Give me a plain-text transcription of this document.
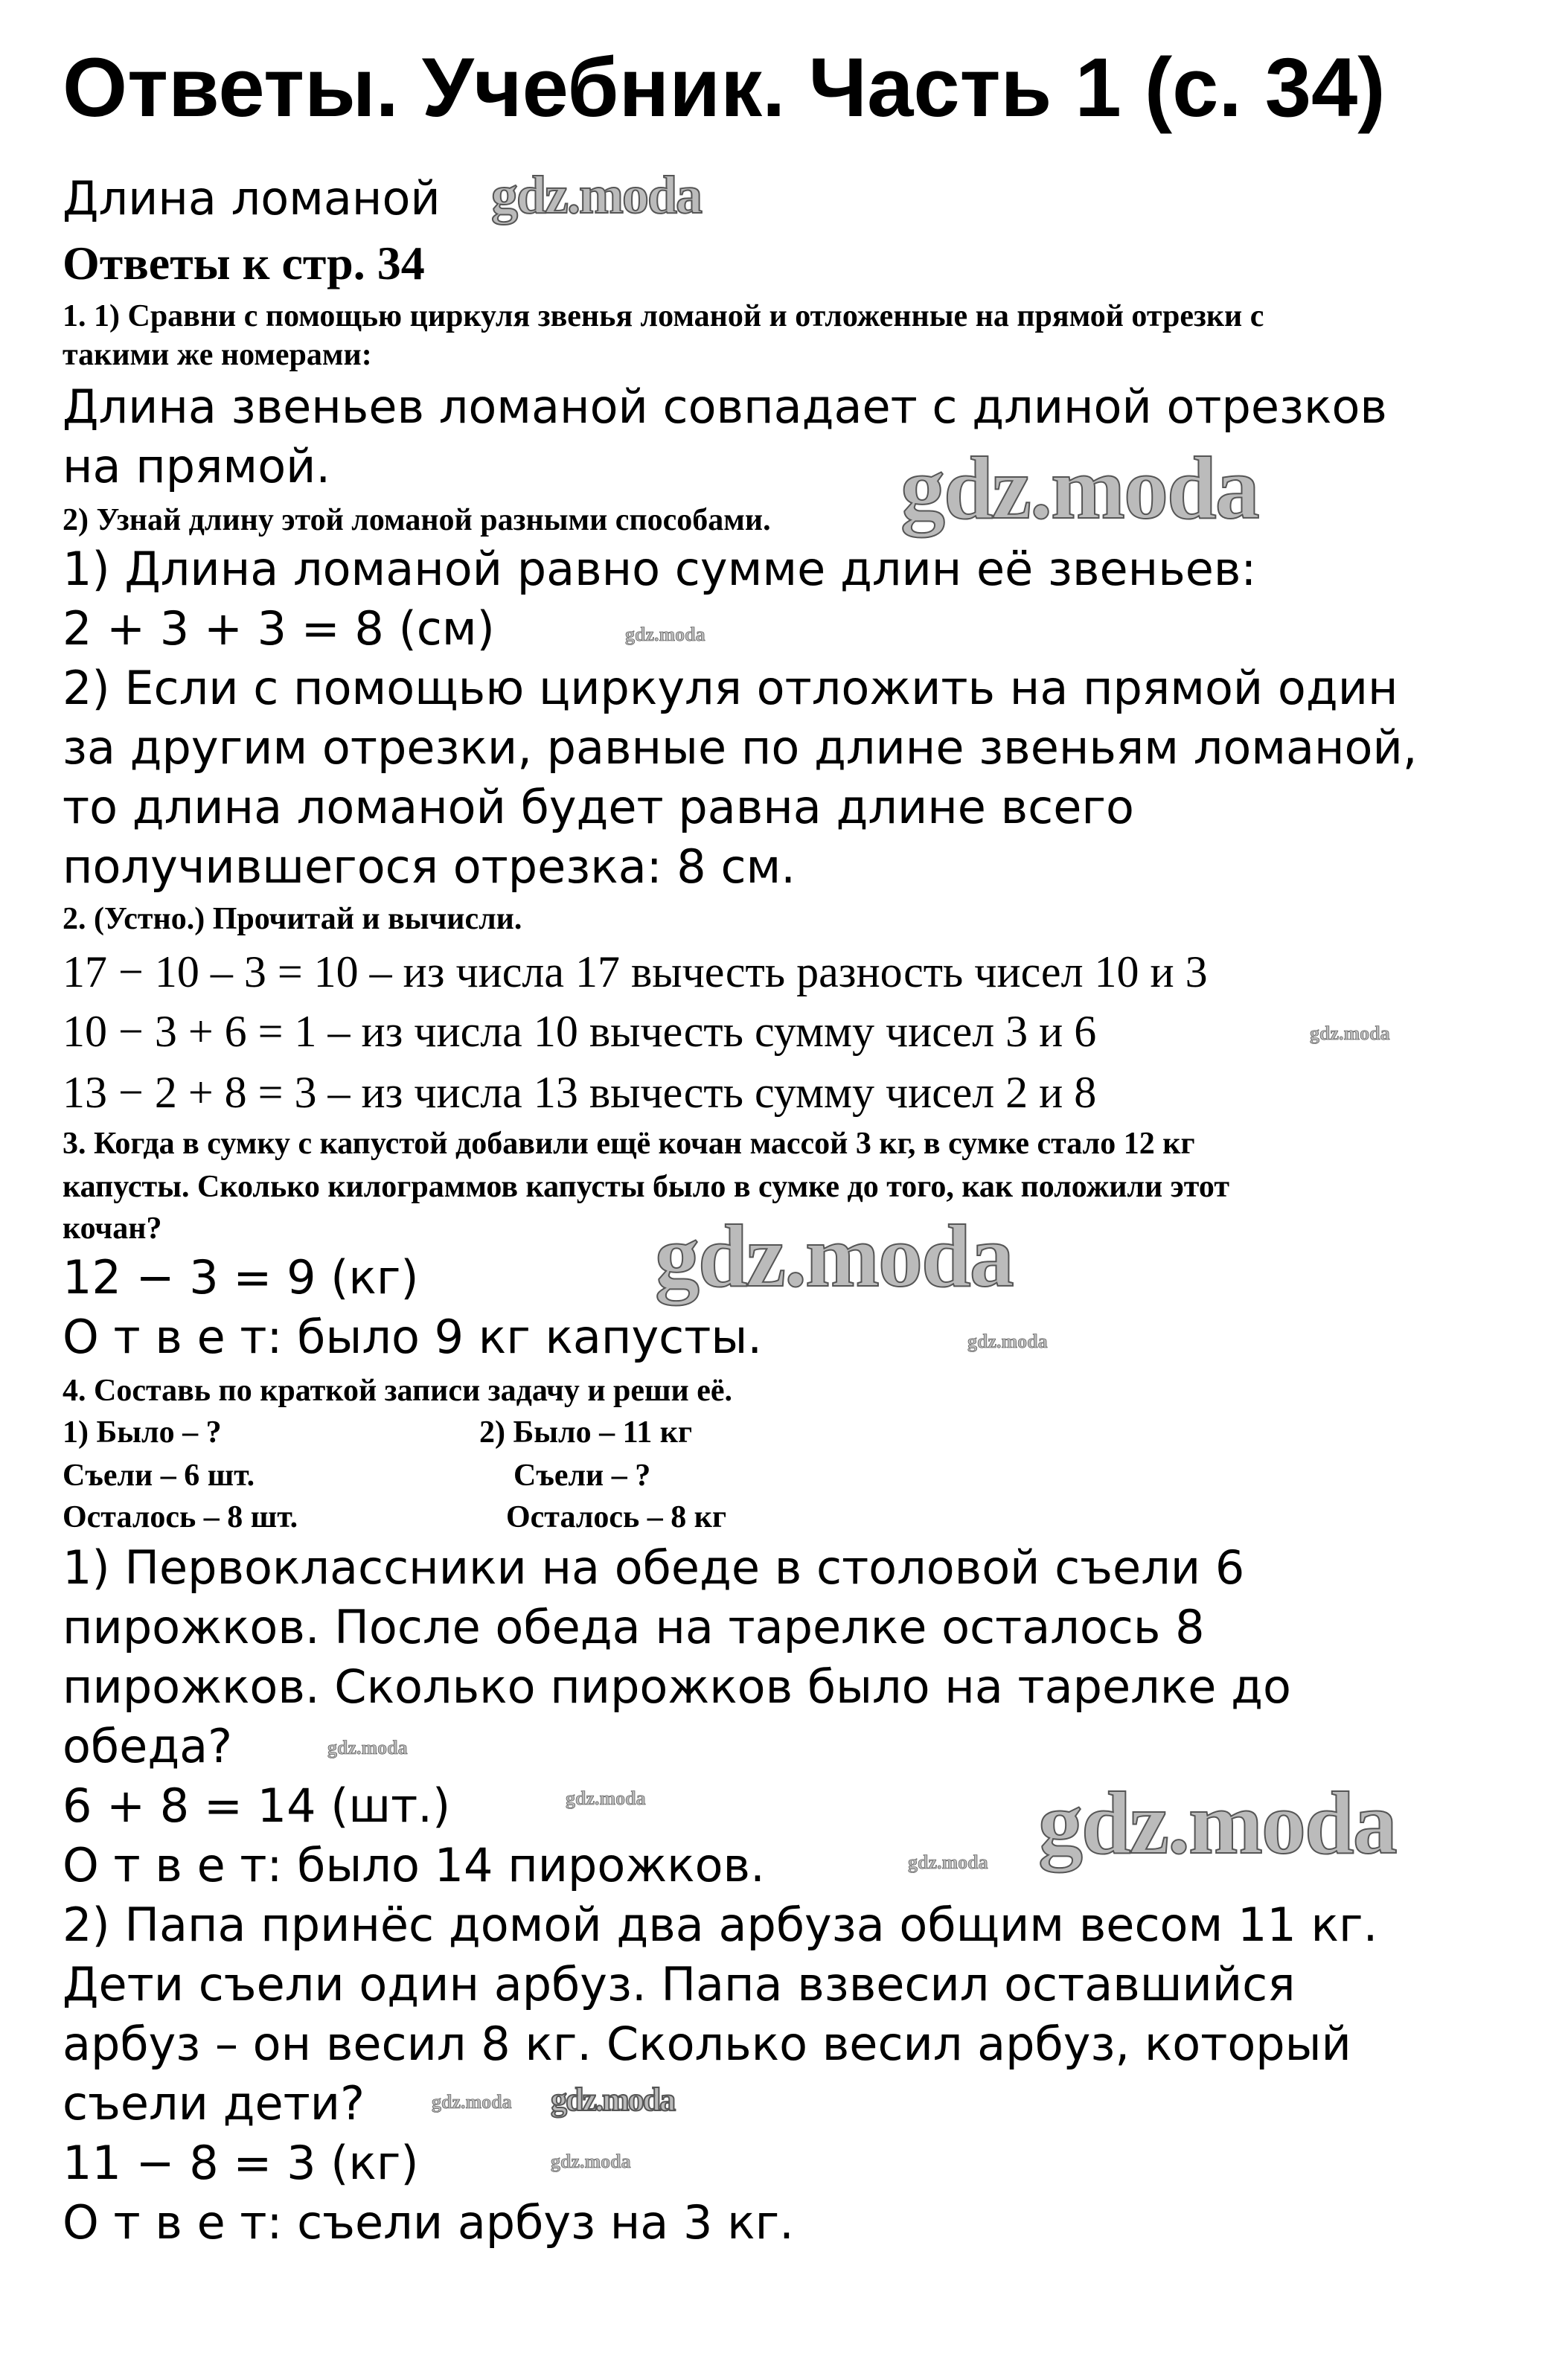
Ответы. Учебник. Часть 1 (с. 34)
gdz.moda
Длина ломаной
Ответы к стр. 34
1. 1) Сравни с помощью циркуля звенья ломаной и отложенные на прямой отрезки с
такими же номерами:
Длина звеньев ломаной совпадает с длиной отрезков
на прямой.
2) Узнай длину этой ломаной разными способами. gdz.moda
1) Длина ломаной равно сумме длин её звеньев:
2 + 3 + 3 = 8 (см)	gdz.moda
2) Если с помощью циркуля отложить на прямой один
за другим отрезки, равные по длине звеньям ломаной,
то длина ломаной будет равна длине всего
получившегося отрезка: 8 см.
2. (Устно.) Прочитай и вычисли.
17 − 10 – 3 = 10 – из числа 17 вычесть разность чисел 10 и 3
10 − 3 + 6 = 1 – из числа 10 вычесть сумму чисел 3 и 6	gdz.moda
13 − 2 + 8 = 3 – из числа 13 вычесть сумму чисел 2 и 8
3. Когда в сумку с капустой добавили ещё кочан массой 3 кг, в сумке стало 12 кг
капусты. Сколько килограммов капусты было в сумке до того, как положили этот
кочан?	gdz.moda
12 − 3 = 9 (кг)
О т в е т: было 9 кг капусты.	gdz.moda
4. Составь по краткой записи задачу и реши её.
1) Было – ?	2) Было – 11 кг
Съели – 6 шт.	Съели – ?
Осталось – 8 шт.	Осталось – 8 кг
1) Первоклассники на обеде в столовой съели 6
пирожков. После обеда на тарелке осталось 8
пирожков. Сколько пирожков было на тарелке до
обеда?	gdz.moda
6 + 8 = 14 (шт.)	gdz.moda	gdz.moda
О т в е т: было 14 пирожков.	gdz.moda
2) Папа принёс домой два арбуза общим весом 11 кг.
Дети съели один арбуз. Папа взвесил оставшийся
арбуз – он весил 8 кг. Сколько весил арбуз, который
съели дети?	gdz.moda gdz.moda
11 − 8 = 3 (кг)	gdz.moda
О т в е т: съели арбуз на 3 кг.
